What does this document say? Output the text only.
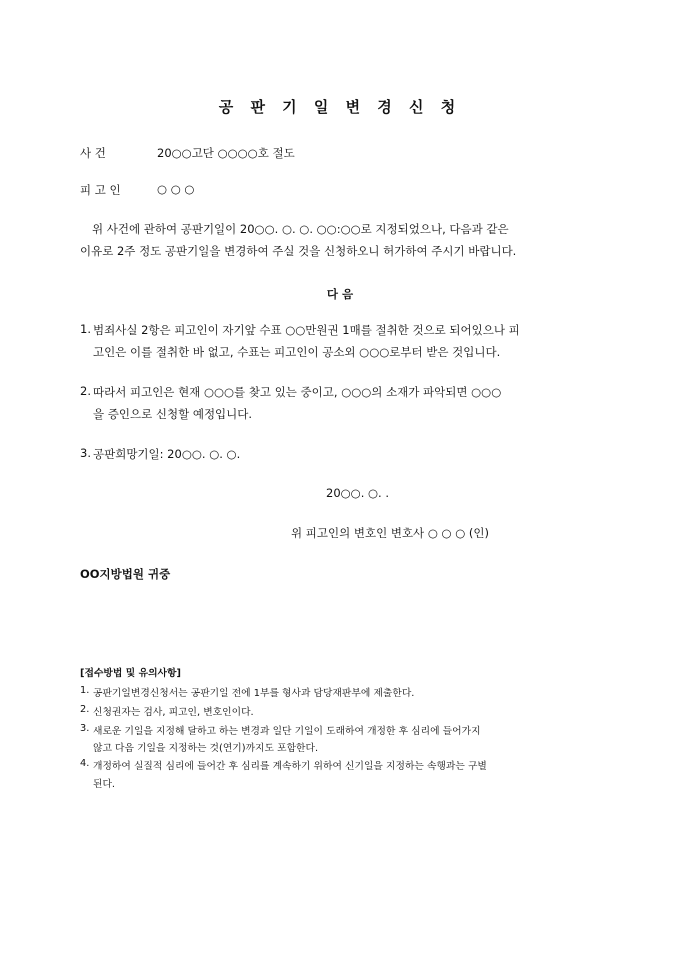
공 판 기 일 변 경 신 청
사 건	20○○고단 ○○○○호 절도
피 고 인	○ ○ ○
위 사건에 관하여 공판기일이 20○○. ○. ○. ○○:○○로 지정되었으나, 다음과 같은
이유로 2주 정도 공판기일을 변경하여 주실 것을 신청하오니 허가하여 주시기 바랍니다.
다 음
1. 범죄사실 2항은 피고인이 자기앞 수표 ○○만원권 1매를 절취한 것으로 되어있으나 피
고인은 이를 절취한 바 없고, 수표는 피고인이 공소외 ○○○로부터 받은 것입니다.
2. 따라서 피고인은 현재 ○○○를 찾고 있는 중이고, ○○○의 소재가 파악되면 ○○○
을 증인으로 신청할 예정입니다.
3. 공판희망기일: 20○○. ○. ○.
20○○. ○. .
위 피고인의 변호인 변호사 ○ ○ ○ (인)
OO지방법원 귀중
[접수방법 및 유의사항]
1. 공판기일변경신청서는 공판기일 전에 1부를 형사과 담당재판부에 제출한다.
2. 신청권자는 검사, 피고인, 변호인이다.
3. 새로운 기일을 지정해 달하고 하는 변경과 일단 기일이 도래하여 개정한 후 심리에 들어가지
않고 다음 기일을 지정하는 것(연기)까지도 포함한다.
4. 개정하여 실질적 심리에 들어간 후 심리를 계속하기 위하여 신기일을 지정하는 속행과는 구별
된다.
